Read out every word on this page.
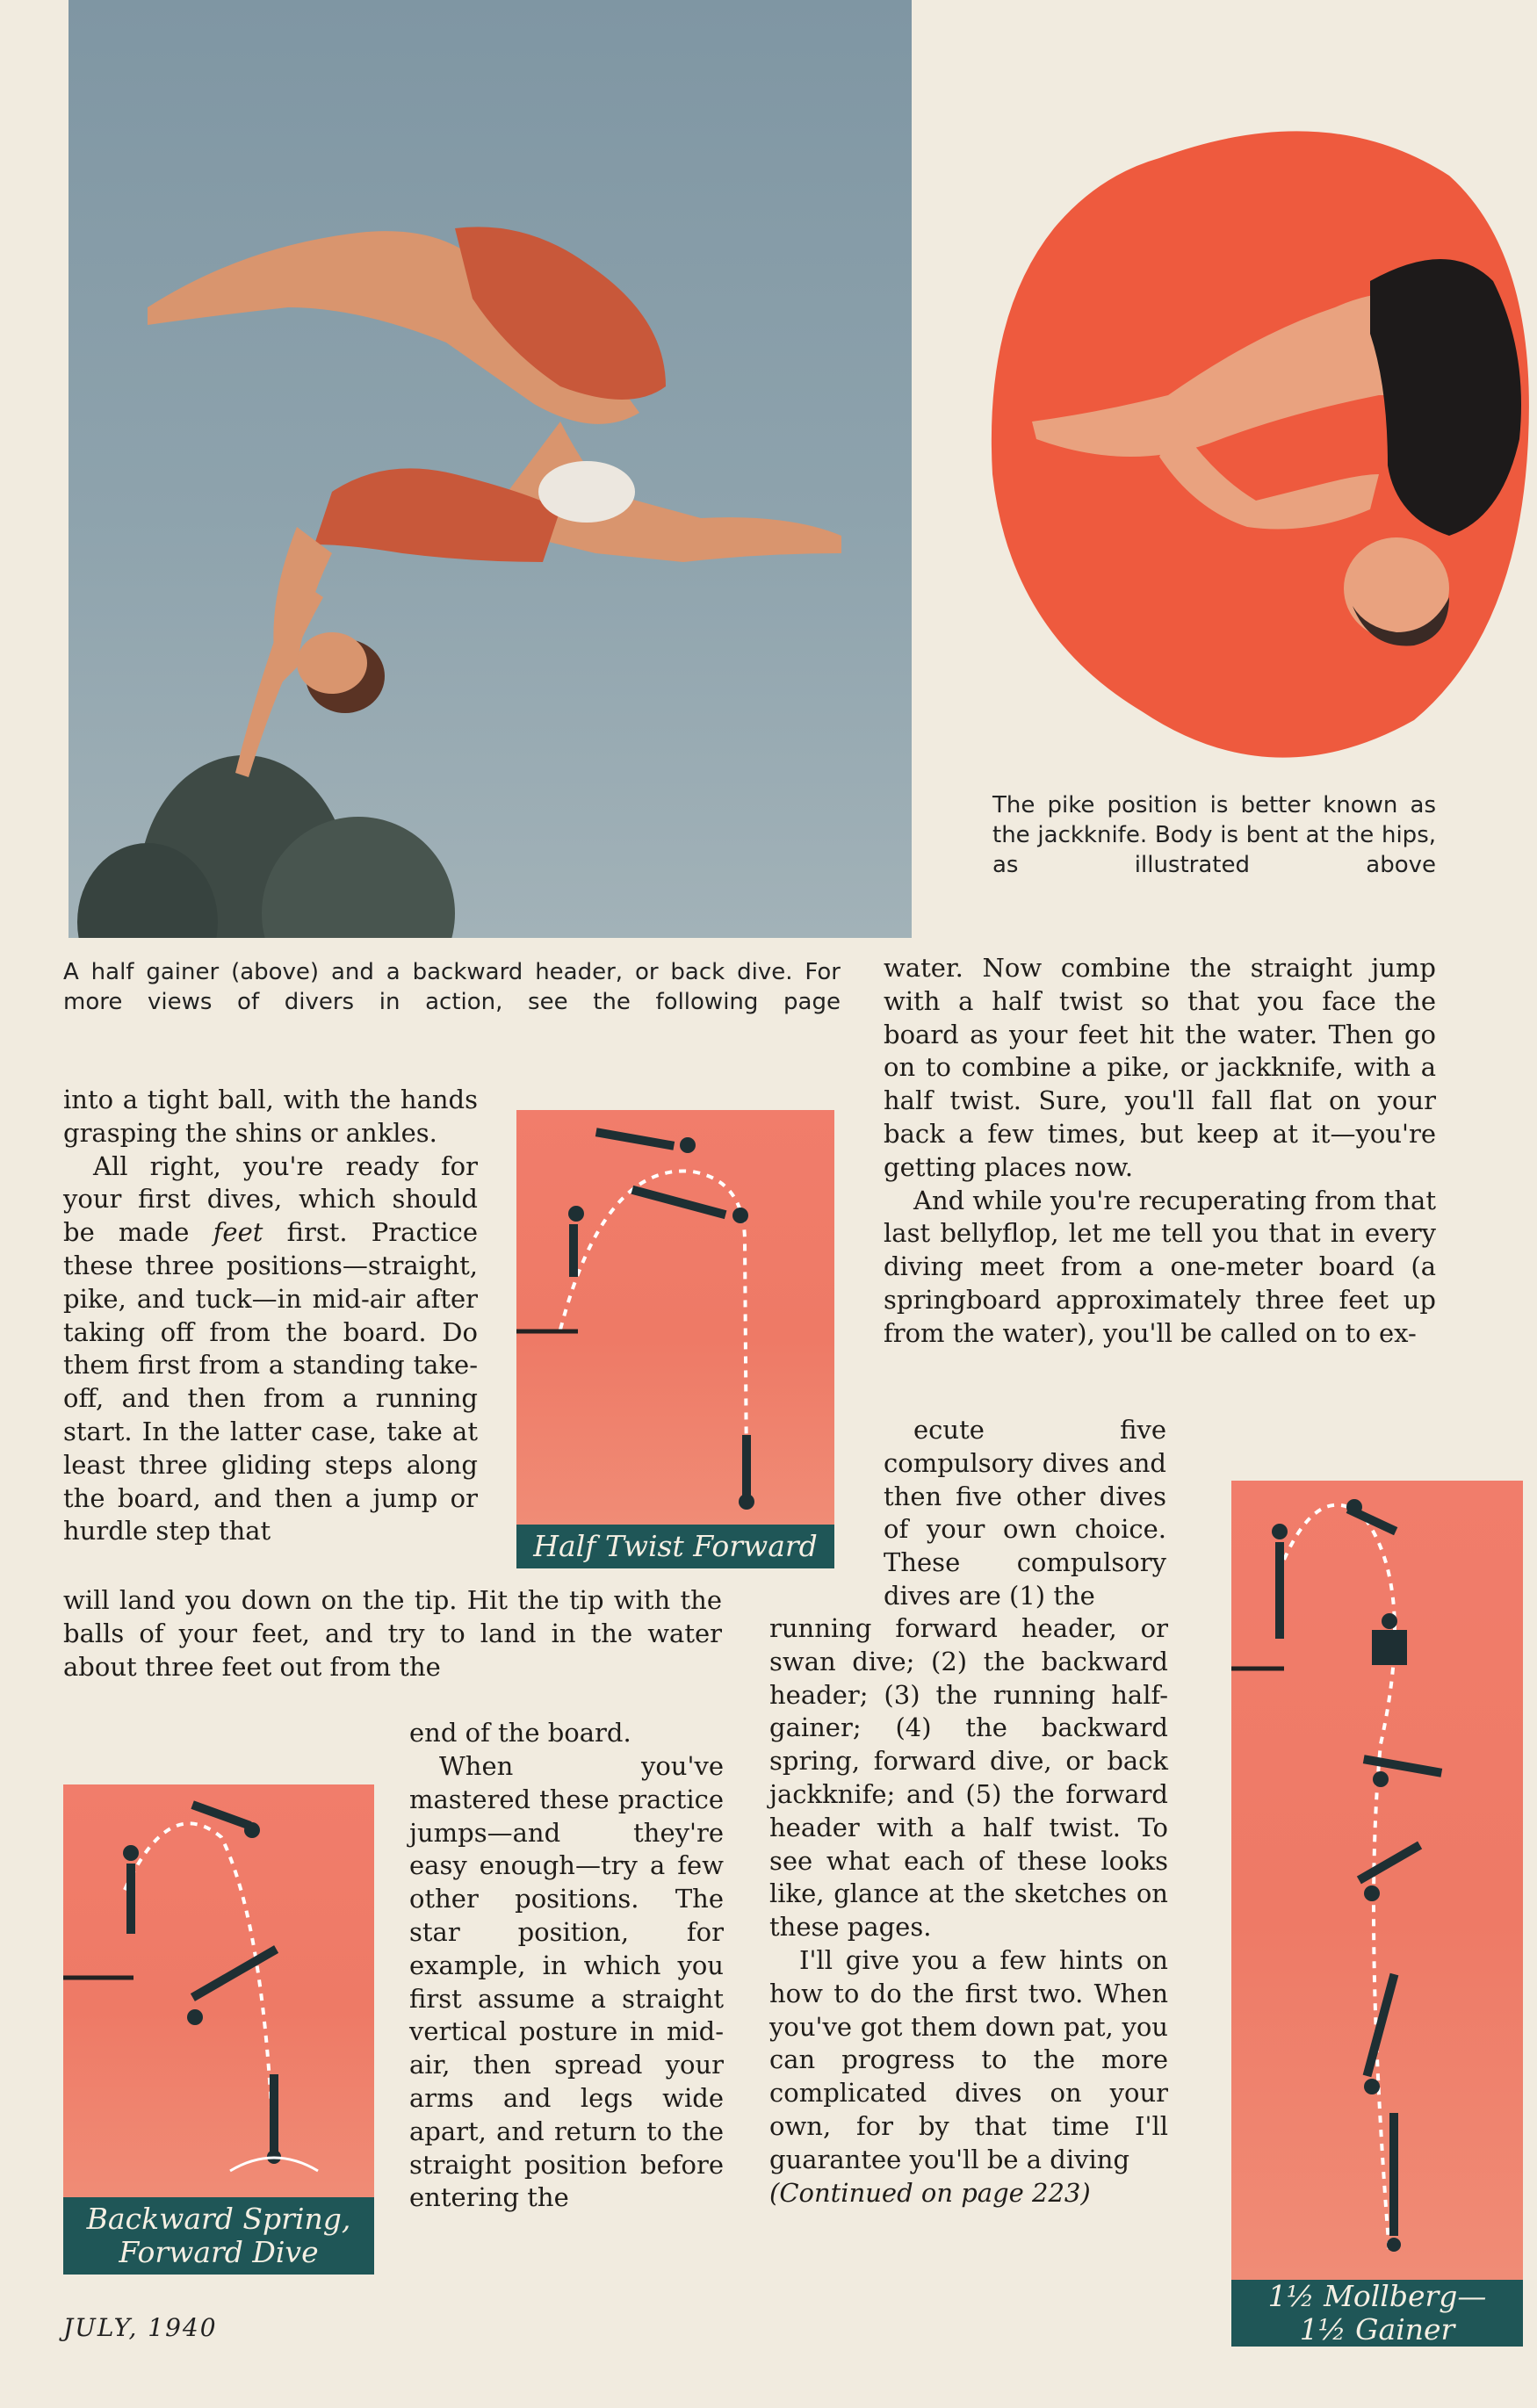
The pike position is better known as the jackknife. Body is bent at the hips, as illustrated above
A half gainer (above) and a backward header, or back dive. For more views of divers in action, see the following page

water. Now combine the straight jump with a half twist so that you face the board as your feet hit the water. Then go on to combine a pike, or jackknife, with a half twist. Sure, you'll fall flat on your back a few times, but keep at it—you're getting places now.

And while you're recuperating from that last bellyflop, let me tell you that in every diving meet from a one-meter board (a springboard approximately three feet up from the water), you'll be called on to ex-

into a tight ball, with the hands grasping the shins or ankles.

All right, you're ready for your first dives, which should be made feet first. Practice these three positions—straight, pike, and tuck—in mid-air after taking off from the board. Do them first from a standing take-off, and then from a running start. In the latter case, take at least three gliding steps along the board, and then a jump or hurdle step that	Half Twist Forward

will land you down on the tip. Hit the tip with the balls of your feet, and try to land in the water about three feet out from the

end of the board.

When you've mastered these practice jumps—and they're easy enough—try a few other positions. The star position, for example, in which you first assume a straight vertical posture in mid-air, then spread your arms and legs wide apart, and return to the straight position before entering the

Backward Spring,
Forward Dive

ecute five compulsory dives and then five other dives of your own choice. These compulsory dives are (1) the

running forward header, or swan dive; (2) the backward header; (3) the running half-gainer; (4) the backward spring, forward dive, or back jackknife; and (5) the forward header with a half twist. To see what each of these looks like, glance at the sketches on these pages.

I'll give you a few hints on how to do the first two. When you've got them down pat, you can progress to the more complicated dives on your own, for by that time I'll guarantee you'll be a diving

(Continued on page 223)

1½ Mollberg—
1½ Gainer
JULY, 1940
